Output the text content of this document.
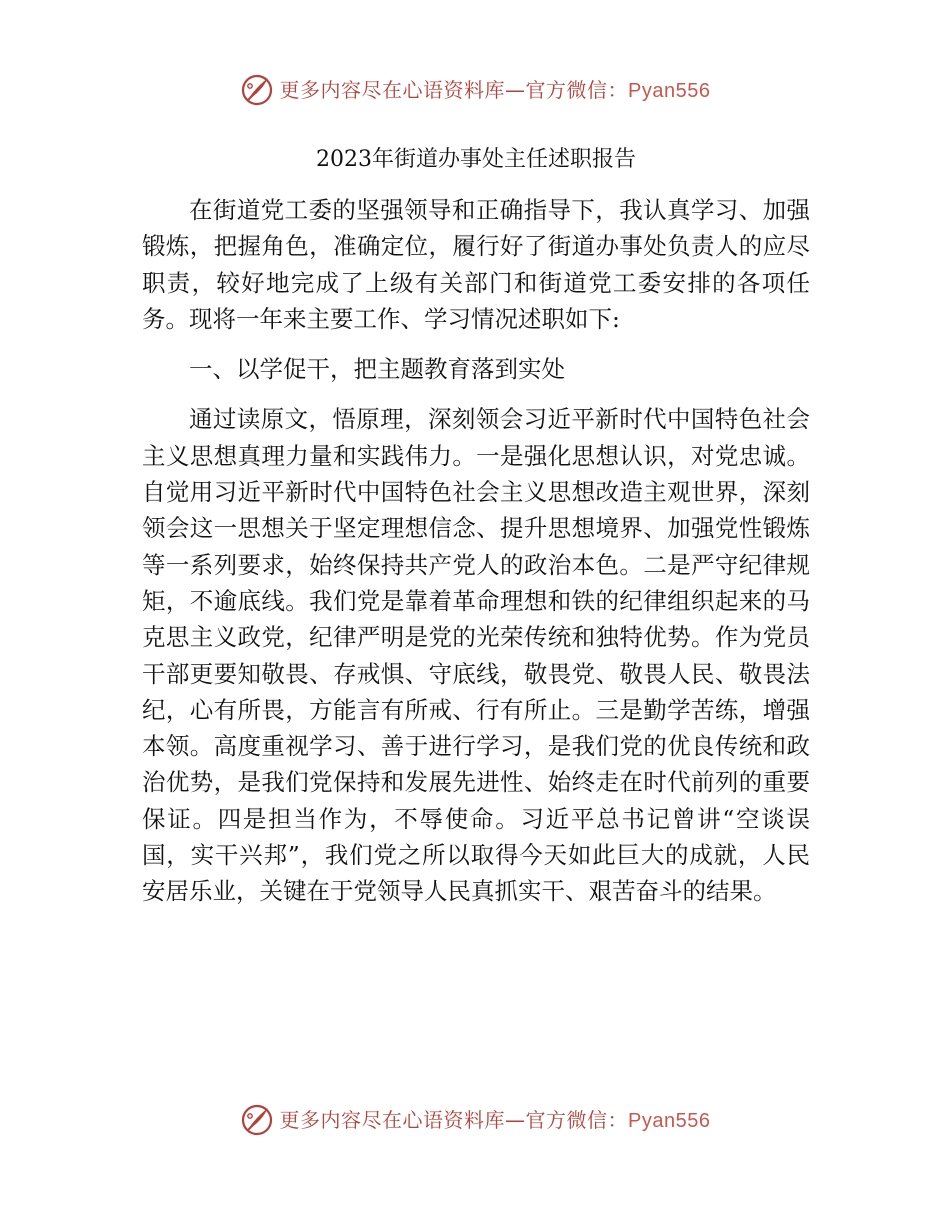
更多内容尽在心语资料库—官方微信：Pyan556
2023年街道办事处主任述职报告

在街道党工委的坚强领导和正确指导下，我认真学习、加强锻炼，把握角色，准确定位，履行好了街道办事处负责人的应尽职责，较好地完成了上级有关部门和街道党工委安排的各项任务。现将一年来主要工作、学习情况述职如下:

一、以学促干，把主题教育落到实处

通过读原文，悟原理，深刻领会习近平新时代中国特色社会主义思想真理力量和实践伟力。一是强化思想认识，对党忠诚。自觉用习近平新时代中国特色社会主义思想改造主观世界，深刻领会这一思想关于坚定理想信念、提升思想境界、加强党性锻炼等一系列要求，始终保持共产党人的政治本色。二是严守纪律规矩，不逾底线。我们党是靠着革命理想和铁的纪律组织起来的马克思主义政党，纪律严明是党的光荣传统和独特优势。作为党员干部更要知敬畏、存戒惧、守底线，敬畏党、敬畏人民、敬畏法纪，心有所畏，方能言有所戒、行有所止。三是勤学苦练，增强本领。高度重视学习、善于进行学习，是我们党的优良传统和政治优势，是我们党保持和发展先进性、始终走在时代前列的重要保证。四是担当作为，不辱使命。习近平总书记曾讲“空谈误国，实干兴邦”，我们党之所以取得今天如此巨大的成就，人民安居乐业，关键在于党领导人民真抓实干、艰苦奋斗的结果。

更多内容尽在心语资料库—官方微信：Pyan556
